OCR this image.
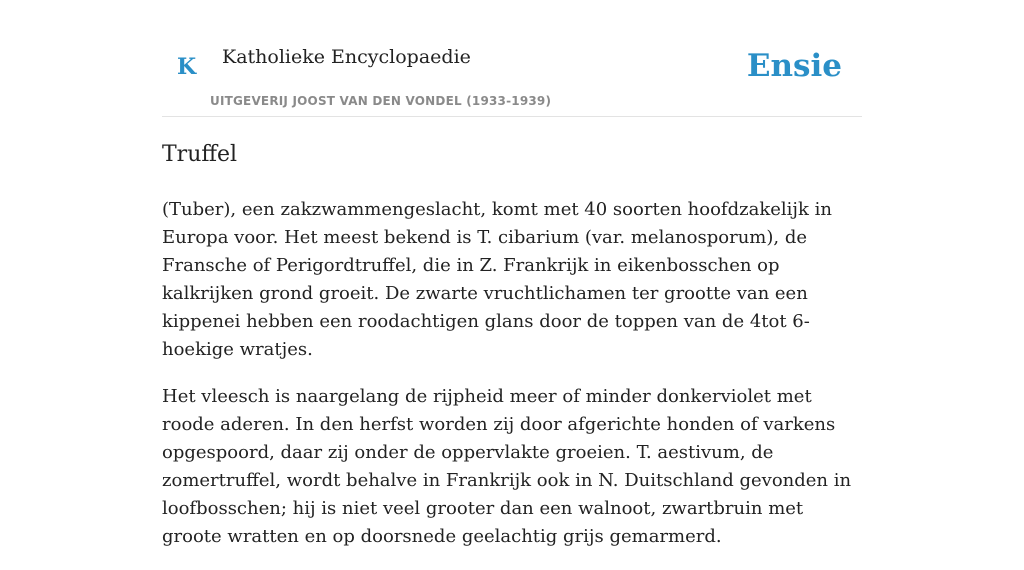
K Katholieke Encyclopaedie
UITGEVERIJ JOOST VAN DEN VONDEL (1933-1939)
Ensie
Truffel

(Tuber), een zakzwammengeslacht, komt met 40 soorten hoofdzakelijk in Europa voor. Het meest bekend is T. cibarium (var. melanosporum), de Fransche of Perigordtruffel, die in Z. Frankrijk in eikenbosschen op kalkrijken grond groeit. De zwarte vruchtlichamen ter grootte van een kippenei hebben een roodachtigen glans door de toppen van de 4tot 6-hoekige wratjes.

Het vleesch is naargelang de rijpheid meer of minder donkerviolet met roode aderen. In den herfst worden zij door afgerichte honden of varkens opgespoord, daar zij onder de oppervlakte groeien. T. aestivum, de zomertruffel, wordt behalve in Frankrijk ook in N. Duitschland gevonden in loofbosschen; hij is niet veel grooter dan een walnoot, zwartbruin met groote wratten en op doorsnede geelachtig grijs gemarmerd.
